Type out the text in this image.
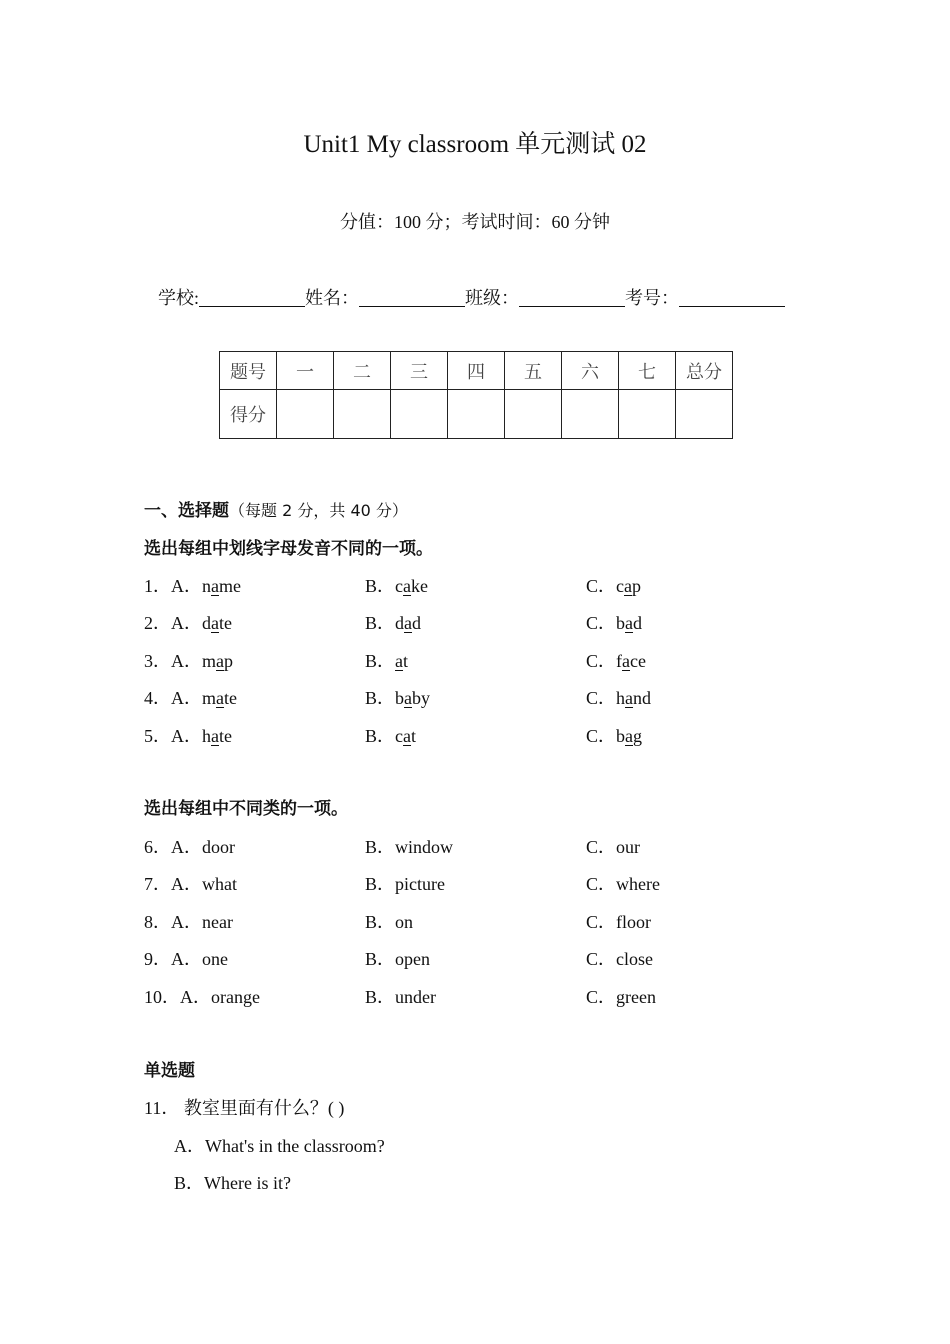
Unit1 My classroom 单元测试 02
分值：100 分；考试时间：60 分钟
学校:	姓名：	班级：	考号：
题号	一	二	三	四	五	六	七	总分
得分								
一、选择题（每题 2 分，共 40 分）
选出每组中划线字母发音不同的一项。
1．A．name	B．cake	C．cap
2．A．date	B．dad	C．bad
3．A．map	B．at	C．face
4．A．mate	B．baby	C．hand
5．A．hate	B．cat	C．bag
选出每组中不同类的一项。
6．A．door	B．window	C．our
7．A．what	B．picture	C．where
8．A．near	B．on	C．floor
9．A．one	B．open	C．close
10．A．orange	B．under	C．green
单选题
11． 教室里面有什么？( )
A．What's in the classroom?
B．Where is it?
